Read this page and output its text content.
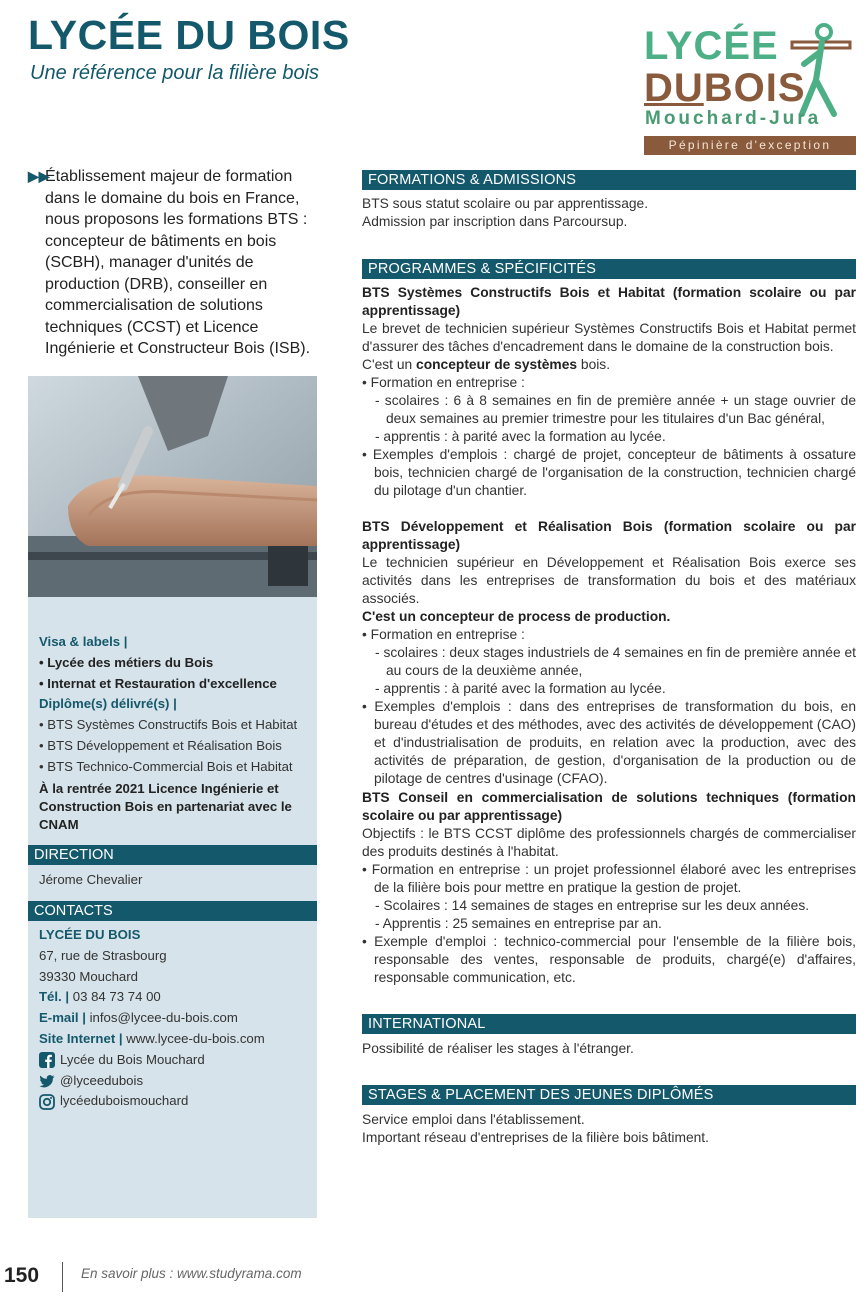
LYCÉE DU BOIS
Une référence pour la filière bois
LYCÉE
DUBOIS
Mouchard-Jura
Pépinière d'exception
▶▶

Établissement majeur de formation dans le domaine du bois en France, nous proposons les formations BTS : concepteur de bâtiments en bois (SCBH), manager d'unités de production (DRB), conseiller en commercialisation de solutions techniques (CCST) et Licence Ingénierie et Constructeur Bois (ISB).

Visa & labels |
• Lycée des métiers du Bois
• Internat et Restauration d'excellence
Diplôme(s) délivré(s) |
• BTS Systèmes Constructifs Bois et Habitat
• BTS Développement et Réalisation Bois
• BTS Technico-Commercial Bois et Habitat
À la rentrée 2021 Licence Ingénierie et Construction Bois en partenariat avec le CNAM
DIRECTION
Jérome Chevalier
CONTACTS
LYCÉE DU BOIS
67, rue de Strasbourg
39330 Mouchard
Tél. | 03 84 73 74 00
E-mail | infos@lycee-du-bois.com
Site Internet | www.lycee-du-bois.com
Lycée du Bois Mouchard
@lyceedubois
lycéeduboismouchard
FORMATIONS & ADMISSIONS
BTS sous statut scolaire ou par apprentissage.
Admission par inscription dans Parcoursup.
PROGRAMMES & SPÉCIFICITÉS
BTS Systèmes Constructifs Bois et Habitat (formation scolaire ou par apprentissage)
Le brevet de technicien supérieur Systèmes Constructifs Bois et Habitat permet d'assurer des tâches d'encadrement dans le domaine de la construction bois.
C'est un concepteur de systèmes bois.
• Formation en entreprise :
- scolaires : 6 à 8 semaines en fin de première année + un stage ouvrier de deux semaines au premier trimestre pour les titulaires d'un Bac général,
- apprentis : à parité avec la formation au lycée.
• Exemples d'emplois : chargé de projet, concepteur de bâtiments à ossature bois, technicien chargé de l'organisation de la construction, technicien chargé du pilotage d'un chantier.
BTS Développement et Réalisation Bois (formation scolaire ou par apprentissage)
Le technicien supérieur en Développement et Réalisation Bois exerce ses activités dans les entreprises de transformation du bois et des matériaux associés.
C'est un concepteur de process de production.
• Formation en entreprise :
- scolaires : deux stages industriels de 4 semaines en fin de première année et au cours de la deuxième année,
- apprentis : à parité avec la formation au lycée.
• Exemples d'emplois : dans des entreprises de transformation du bois, en bureau d'études et des méthodes, avec des activités de développement (CAO) et d'industrialisation de produits, en relation avec la production, avec des activités de préparation, de gestion, d'organisation de la production ou de pilotage de centres d'usinage (CFAO).
BTS Conseil en commercialisation de solutions techniques (formation scolaire ou par apprentissage)
Objectifs : le BTS CCST diplôme des professionnels chargés de commercialiser des produits destinés à l'habitat.
• Formation en entreprise : un projet professionnel élaboré avec les entreprises de la filière bois pour mettre en pratique la gestion de projet.
- Scolaires : 14 semaines de stages en entreprise sur les deux années.
- Apprentis : 25 semaines en entreprise par an.
• Exemple d'emploi : technico-commercial pour l'ensemble de la filière bois, responsable des ventes, responsable de produits, chargé(e) d'affaires, responsable communication, etc.
INTERNATIONAL
Possibilité de réaliser les stages à l'étranger.
STAGES & PLACEMENT DES JEUNES DIPLÔMÉS
Service emploi dans l'établissement.
Important réseau d'entreprises de la filière bois bâtiment.
150	En savoir plus : www.studyrama.com
